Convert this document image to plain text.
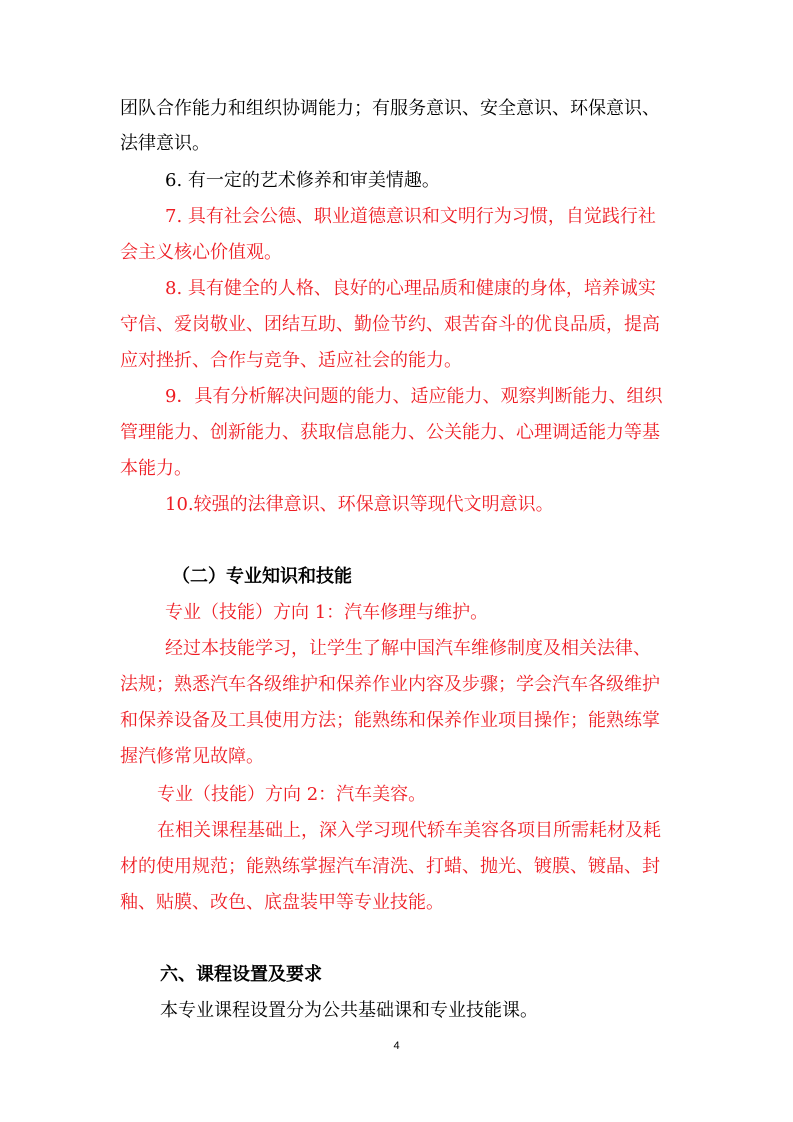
团队合作能力和组织协调能力；有服务意识、安全意识、环保意识、
法律意识。
6. 有一定的艺术修养和审美情趣。
7. 具有社会公德、职业道德意识和文明行为习惯，自觉践行社
会主义核心价值观。
8. 具有健全的人格、良好的心理品质和健康的身体，培养诚实
守信、爱岗敬业、团结互助、勤俭节约、艰苦奋斗的优良品质，提高
应对挫折、合作与竞争、适应社会的能力。
9．具有分析解决问题的能力、适应能力、观察判断能力、组织
管理能力、创新能力、获取信息能力、公关能力、心理调适能力等基
本能力。
10.较强的法律意识、环保意识等现代文明意识。
（二）专业知识和技能
专业（技能）方向 1：汽车修理与维护。
经过本技能学习，让学生了解中国汽车维修制度及相关法律、
法规；熟悉汽车各级维护和保养作业内容及步骤；学会汽车各级维护
和保养设备及工具使用方法；能熟练和保养作业项目操作；能熟练掌
握汽修常见故障。
专业（技能）方向 2：汽车美容。
在相关课程基础上，深入学习现代轿车美容各项目所需耗材及耗
材的使用规范；能熟练掌握汽车清洗、打蜡、抛光、镀膜、镀晶、封
釉、贴膜、改色、底盘装甲等专业技能。
六、课程设置及要求
本专业课程设置分为公共基础课和专业技能课。
4
